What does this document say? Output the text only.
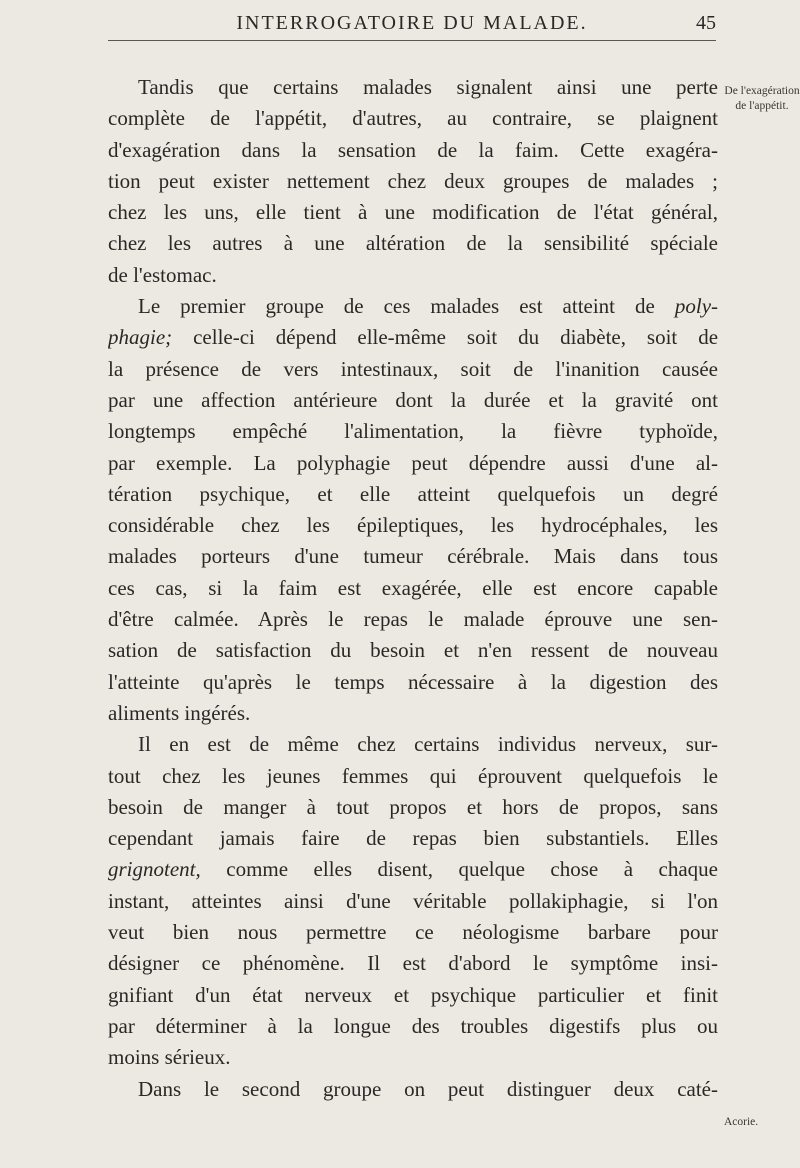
INTERROGATOIRE DU MALADE.	45
De l'exagération de l'appétit.
Acorie.
Tandis que certains malades signalent ainsi une perte
complète de l'appétit, d'autres, au contraire, se plaignent
d'exagération dans la sensation de la faim. Cette exagéra-
tion peut exister nettement chez deux groupes de malades ;
chez les uns, elle tient à une modification de l'état général,
chez les autres à une altération de la sensibilité spéciale
de l'estomac.
Le premier groupe de ces malades est atteint de poly-
phagie; celle-ci dépend elle-même soit du diabète, soit de
la présence de vers intestinaux, soit de l'inanition causée
par une affection antérieure dont la durée et la gravité ont
longtemps empêché l'alimentation, la fièvre typhoïde,
par exemple. La polyphagie peut dépendre aussi d'une al-
tération psychique, et elle atteint quelquefois un degré
considérable chez les épileptiques, les hydrocéphales, les
malades porteurs d'une tumeur cérébrale. Mais dans tous
ces cas, si la faim est exagérée, elle est encore capable
d'être calmée. Après le repas le malade éprouve une sen-
sation de satisfaction du besoin et n'en ressent de nouveau
l'atteinte qu'après le temps nécessaire à la digestion des
aliments ingérés.
Il en est de même chez certains individus nerveux, sur-
tout chez les jeunes femmes qui éprouvent quelquefois le
besoin de manger à tout propos et hors de propos, sans
cependant jamais faire de repas bien substantiels. Elles
grignotent, comme elles disent, quelque chose à chaque
instant, atteintes ainsi d'une véritable pollakiphagie, si l'on
veut bien nous permettre ce néologisme barbare pour
désigner ce phénomène. Il est d'abord le symptôme insi-
gnifiant d'un état nerveux et psychique particulier et finit
par déterminer à la longue des troubles digestifs plus ou
moins sérieux.
Dans le second groupe on peut distinguer deux caté-
